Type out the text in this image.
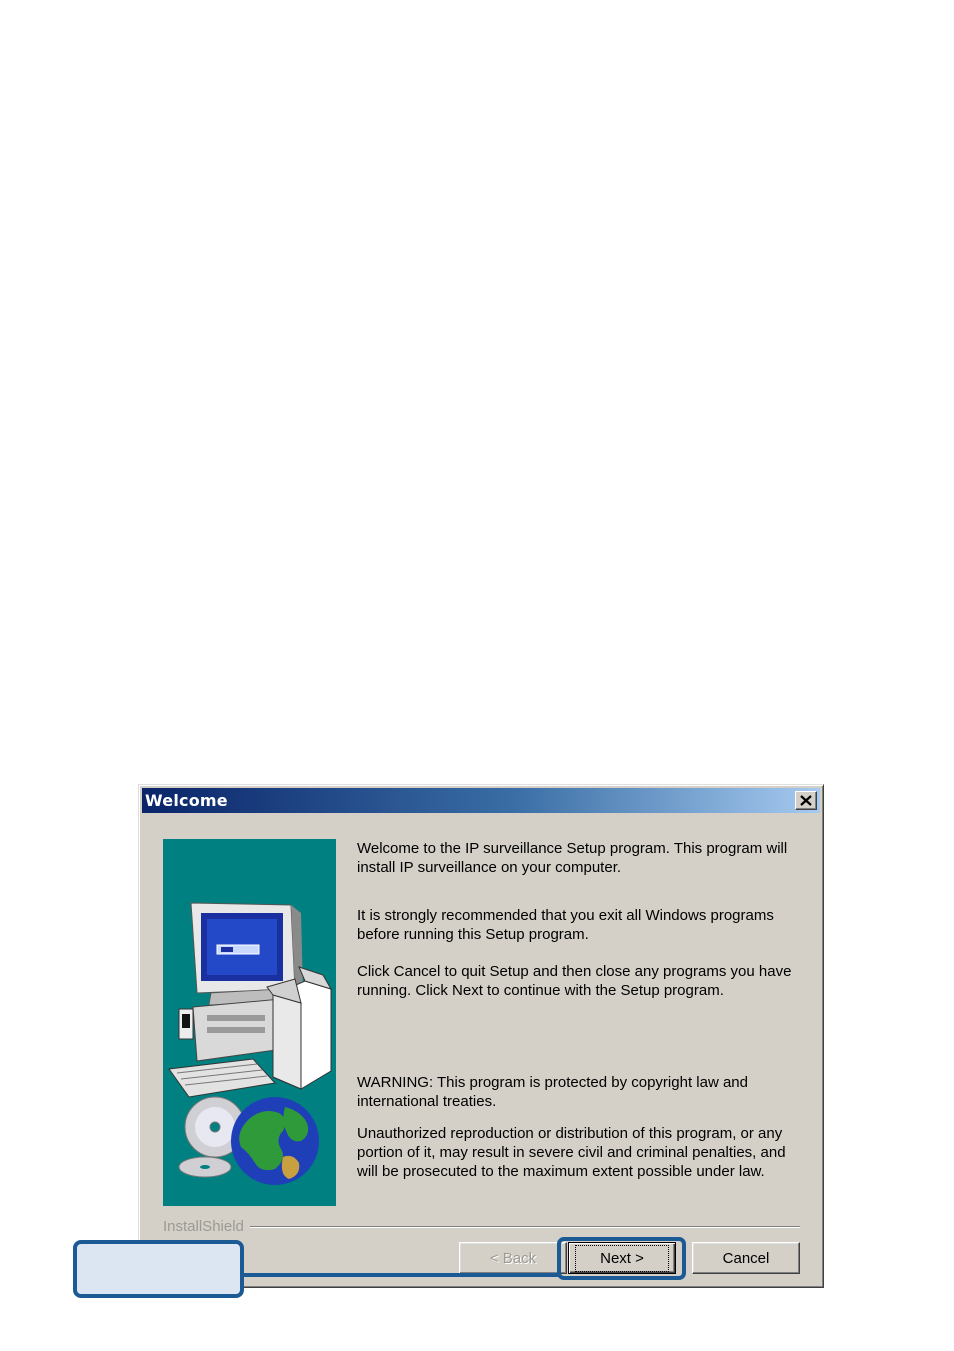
Welcome

Welcome to the IP surveillance Setup program. This program will install IP surveillance on your computer.

It is strongly recommended that you exit all Windows programs before running this Setup program.

Click Cancel to quit Setup and then close any programs you have running. Click Next to continue with the Setup program.

WARNING: This program is protected by copyright law and international treaties.

Unauthorized reproduction or distribution of this program, or any portion of it, may result in severe civil and criminal penalties, and will be prosecuted to the maximum extent possible under law.

InstallShield
< Back	Next >	Cancel
